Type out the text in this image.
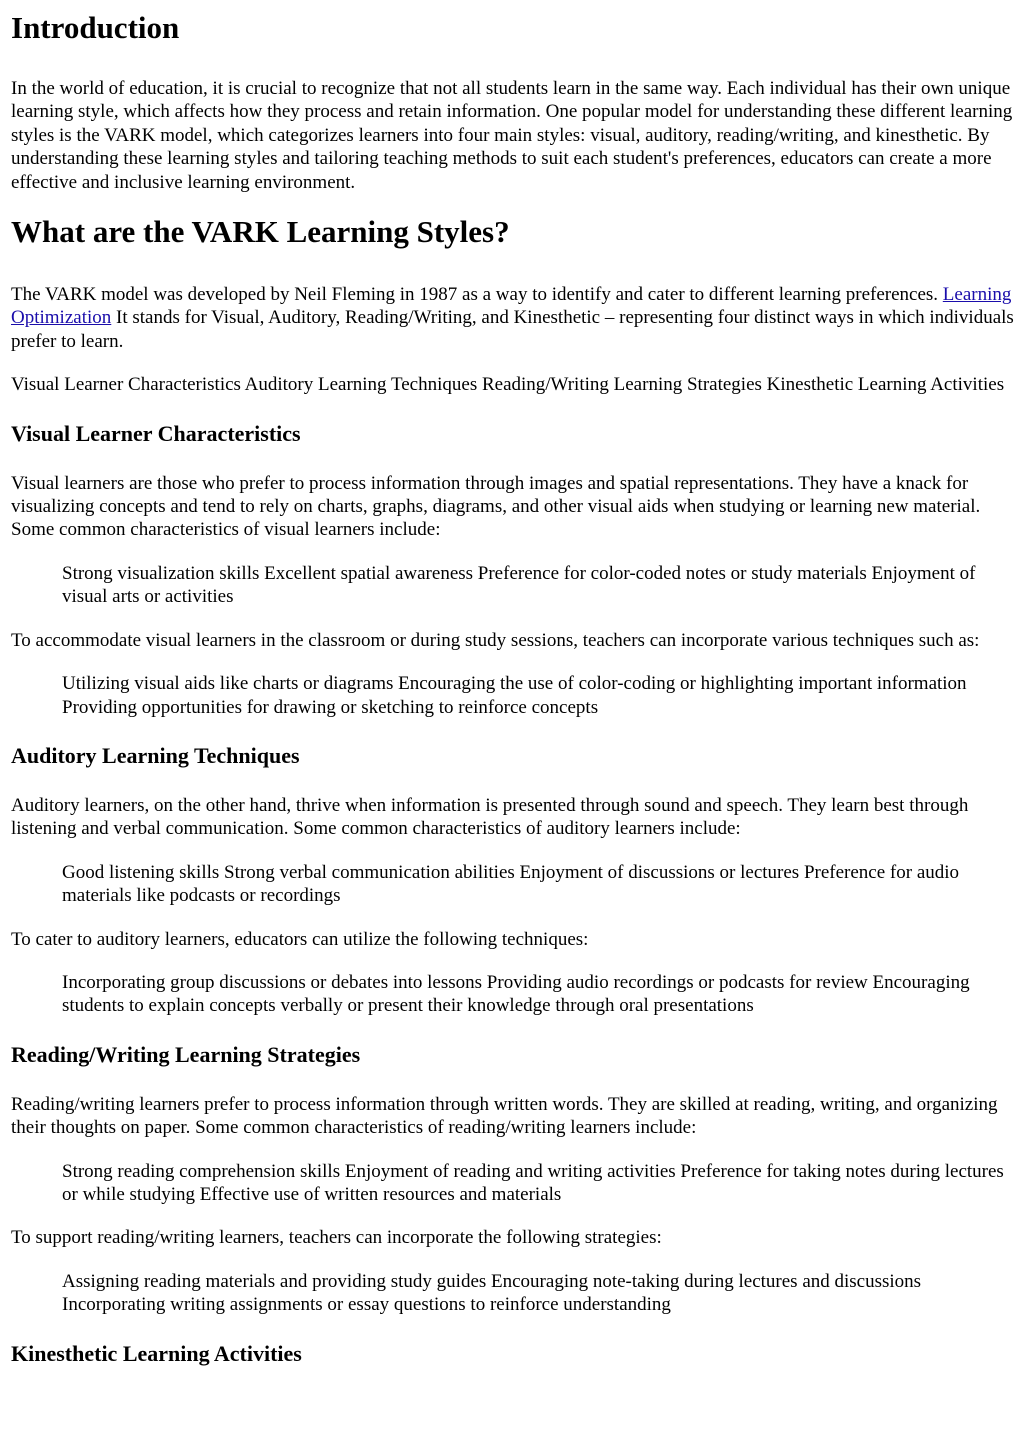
Introduction

In the world of education, it is crucial to recognize that not all students learn in the same way. Each individual has their own unique learning style, which affects how they process and retain information. One popular model for understanding these different learning styles is the VARK model, which categorizes learners into four main styles: visual, auditory, reading/writing, and kinesthetic. By understanding these learning styles and tailoring teaching methods to suit each student's preferences, educators can create a more effective and inclusive learning environment.

What are the VARK Learning Styles?

The VARK model was developed by Neil Fleming in 1987 as a way to identify and cater to different learning preferences. Learning Optimization It stands for Visual, Auditory, Reading/Writing, and Kinesthetic – representing four distinct ways in which individuals prefer to learn.

Visual Learner Characteristics Auditory Learning Techniques Reading/Writing Learning Strategies Kinesthetic Learning Activities

Visual Learner Characteristics

Visual learners are those who prefer to process information through images and spatial representations. They have a knack for visualizing concepts and tend to rely on charts, graphs, diagrams, and other visual aids when studying or learning new material. Some common characteristics of visual learners include:

Strong visualization skills Excellent spatial awareness Preference for color-coded notes or study materials Enjoyment of visual arts or activities

To accommodate visual learners in the classroom or during study sessions, teachers can incorporate various techniques such as:

Utilizing visual aids like charts or diagrams Encouraging the use of color-coding or highlighting important information Providing opportunities for drawing or sketching to reinforce concepts
Auditory Learning Techniques

Auditory learners, on the other hand, thrive when information is presented through sound and speech. They learn best through listening and verbal communication. Some common characteristics of auditory learners include:

Good listening skills Strong verbal communication abilities Enjoyment of discussions or lectures Preference for audio materials like podcasts or recordings

To cater to auditory learners, educators can utilize the following techniques:

Incorporating group discussions or debates into lessons Providing audio recordings or podcasts for review Encouraging students to explain concepts verbally or present their knowledge through oral presentations
Reading/Writing Learning Strategies

Reading/writing learners prefer to process information through written words. They are skilled at reading, writing, and organizing their thoughts on paper. Some common characteristics of reading/writing learners include:

Strong reading comprehension skills Enjoyment of reading and writing activities Preference for taking notes during lectures or while studying Effective use of written resources and materials

To support reading/writing learners, teachers can incorporate the following strategies:

Assigning reading materials and providing study guides Encouraging note-taking during lectures and discussions Incorporating writing assignments or essay questions to reinforce understanding
Kinesthetic Learning Activities
